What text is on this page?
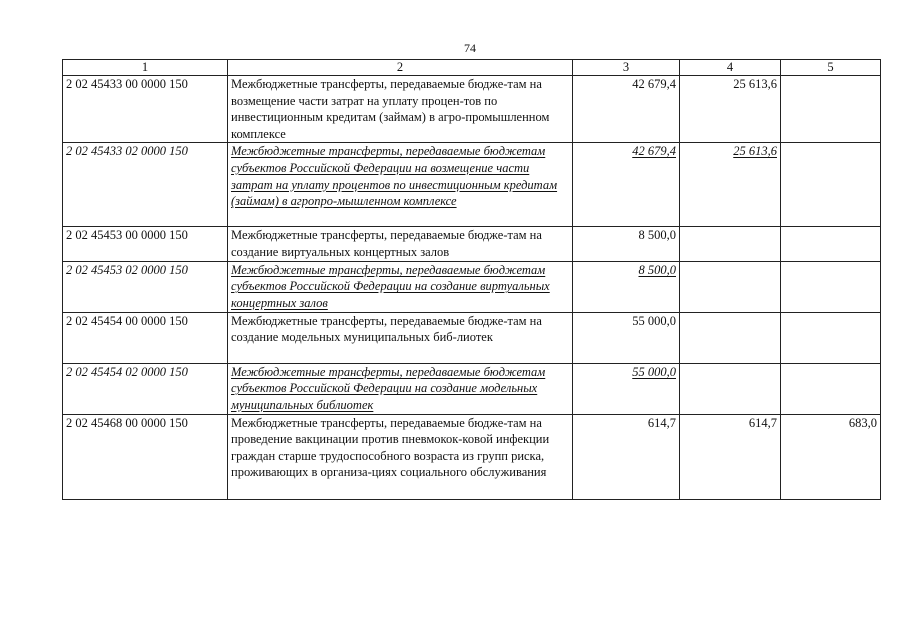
74
1	2	3	4	5
2 02 45433 00 0000 150	Межбюджетные трансферты, передаваемые бюдже-там на возмещение части затрат на уплату процен-тов по инвестиционным кредитам (займам) в агро-промышленном комплексе	42 679,4	25 613,6	
2 02 45433 02 0000 150	Межбюджетные трансферты, передаваемые бюджетам субъектов Российской Федерации на возмещение части затрат на уплату процентов по инвестиционным кредитам (займам) в агропро-мышленном комплексе	42 679,4	25 613,6	
2 02 45453 00 0000 150	Межбюджетные трансферты, передаваемые бюдже-там на создание виртуальных концертных залов	8 500,0		
2 02 45453 02 0000 150	Межбюджетные трансферты, передаваемые бюджетам субъектов Российской Федерации на создание виртуальных концертных залов	8 500,0		
2 02 45454 00 0000 150	Межбюджетные трансферты, передаваемые бюдже-там на создание модельных муниципальных биб-лиотек	55 000,0		
2 02 45454 02 0000 150	Межбюджетные трансферты, передаваемые бюджетам субъектов Российской Федерации на создание модельных муниципальных библиотек	55 000,0		
2 02 45468 00 0000 150	Межбюджетные трансферты, передаваемые бюдже-там на проведение вакцинации против пневмокок-ковой инфекции граждан старше трудоспособного возраста из групп риска, проживающих в организа-циях социального обслуживания	614,7	614,7	683,0
